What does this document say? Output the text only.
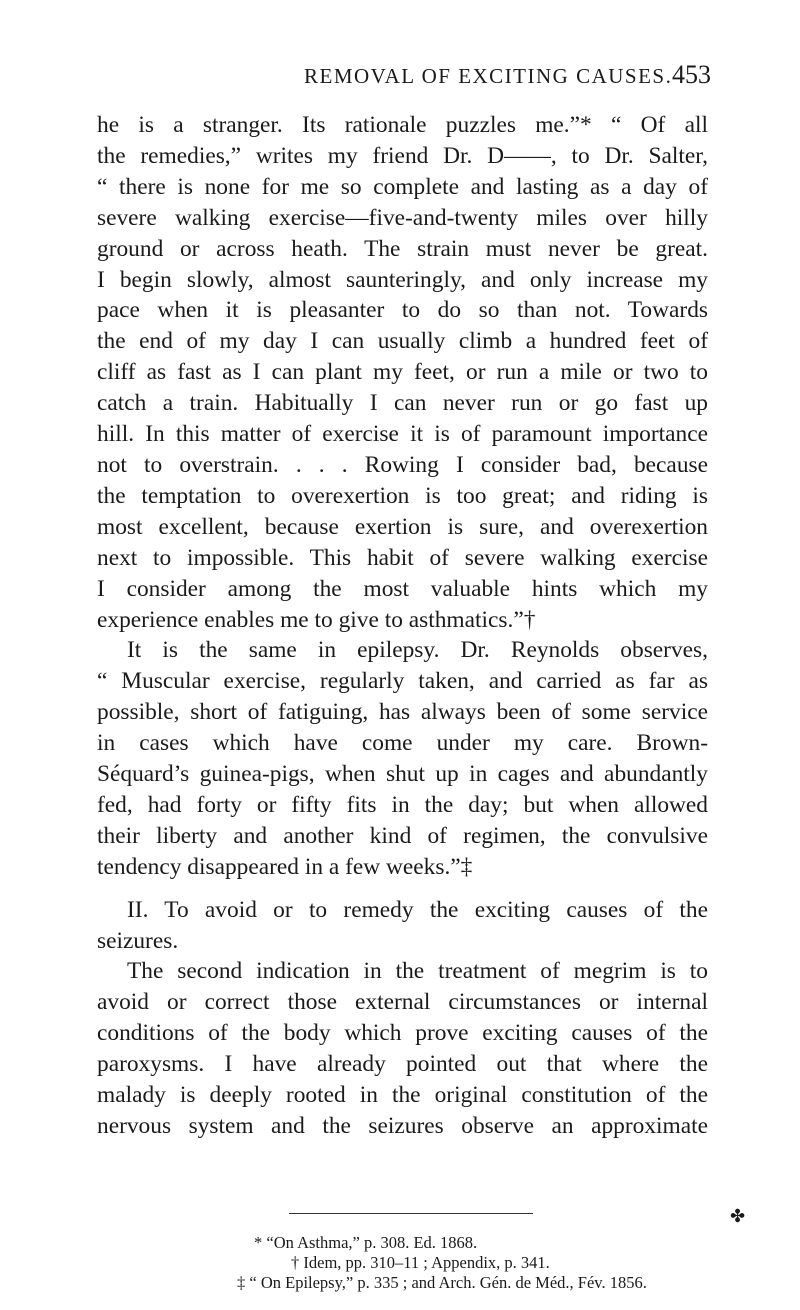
REMOVAL OF EXCITING CAUSES. 453
he is a stranger. Its rationale puzzles me.”* “ Of all
the remedies,” writes my friend Dr. D——, to Dr. Salter,
“ there is none for me so complete and lasting as a day of
severe walking exercise—five-and-twenty miles over hilly
ground or across heath. The strain must never be great.
I begin slowly, almost saunteringly, and only increase my
pace when it is pleasanter to do so than not. Towards
the end of my day I can usually climb a hundred feet of
cliff as fast as I can plant my feet, or run a mile or two to
catch a train. Habitually I can never run or go fast up
hill. In this matter of exercise it is of paramount importance
not to overstrain. . . . Rowing I consider bad, because
the temptation to overexertion is too great; and riding is
most excellent, because exertion is sure, and overexertion
next to impossible. This habit of severe walking exercise
I consider among the most valuable hints which my
experience enables me to give to asthmatics.”†
It is the same in epilepsy. Dr. Reynolds observes,
“ Muscular exercise, regularly taken, and carried as far as
possible, short of fatiguing, has always been of some service
in cases which have come under my care. Brown-
Séquard’s guinea-pigs, when shut up in cages and abundantly
fed, had forty or fifty fits in the day; but when allowed
their liberty and another kind of regimen, the convulsive
tendency disappeared in a few weeks.”‡
II. To avoid or to remedy the exciting causes of the
seizures.
The second indication in the treatment of megrim is to
avoid or correct those external circumstances or internal
conditions of the body which prove exciting causes of the
paroxysms. I have already pointed out that where the
malady is deeply rooted in the original constitution of the
nervous system and the seizures observe an approximate
✤
* “On Asthma,” p. 308. Ed. 1868.
† Idem, pp. 310–11 ; Appendix, p. 341.
‡ “ On Epilepsy,” p. 335 ; and Arch. Gén. de Méd., Fév. 1856.
